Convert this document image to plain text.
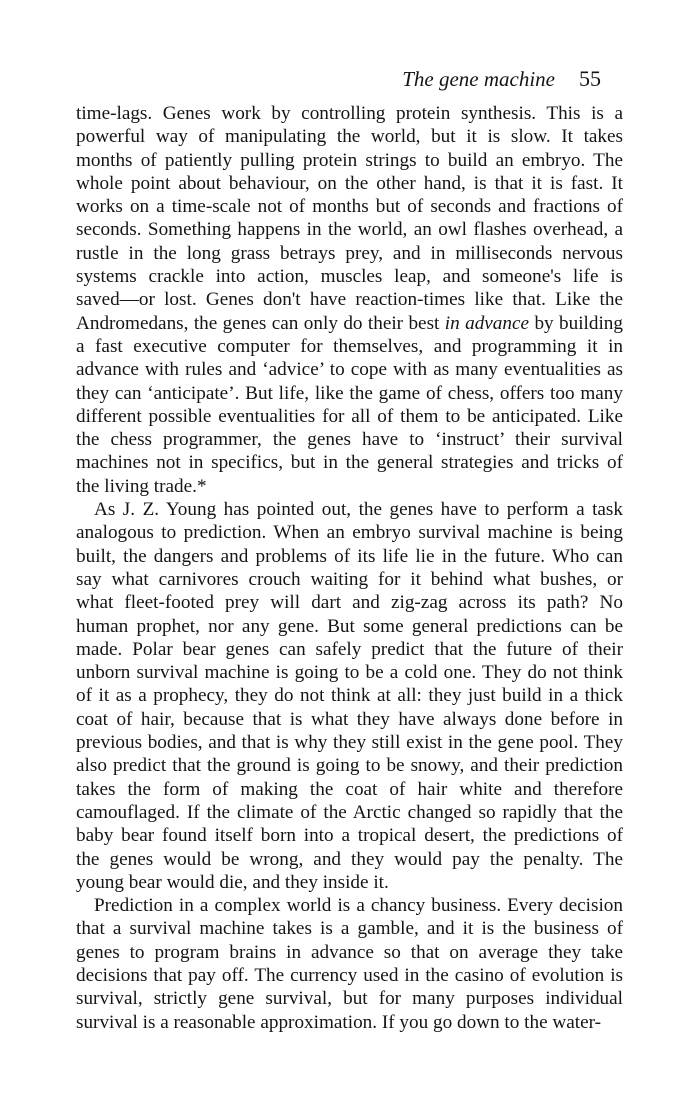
The gene machine 55
time-lags. Genes work by controlling protein synthesis. This is a
powerful way of manipulating the world, but it is slow. It takes
months of patiently pulling protein strings to build an embryo. The
whole point about behaviour, on the other hand, is that it is fast. It
works on a time-scale not of months but of seconds and fractions of
seconds. Something happens in the world, an owl flashes overhead, a
rustle in the long grass betrays prey, and in milliseconds nervous
systems crackle into action, muscles leap, and someone's life is
saved—or lost. Genes don't have reaction-times like that. Like the
Andromedans, the genes can only do their best in advance by building
a fast executive computer for themselves, and programming it in
advance with rules and ‘advice’ to cope with as many eventualities as
they can ‘anticipate’. But life, like the game of chess, offers too many
different possible eventualities for all of them to be anticipated. Like
the chess programmer, the genes have to ‘instruct’ their survival
machines not in specifics, but in the general strategies and tricks of
the living trade.*
As J. Z. Young has pointed out, the genes have to perform a task
analogous to prediction. When an embryo survival machine is being
built, the dangers and problems of its life lie in the future. Who can
say what carnivores crouch waiting for it behind what bushes, or
what fleet-footed prey will dart and zig-zag across its path? No
human prophet, nor any gene. But some general predictions can be
made. Polar bear genes can safely predict that the future of their
unborn survival machine is going to be a cold one. They do not think
of it as a prophecy, they do not think at all: they just build in a thick
coat of hair, because that is what they have always done before in
previous bodies, and that is why they still exist in the gene pool. They
also predict that the ground is going to be snowy, and their prediction
takes the form of making the coat of hair white and therefore
camouflaged. If the climate of the Arctic changed so rapidly that the
baby bear found itself born into a tropical desert, the predictions of
the genes would be wrong, and they would pay the penalty. The
young bear would die, and they inside it.
Prediction in a complex world is a chancy business. Every decision
that a survival machine takes is a gamble, and it is the business of
genes to program brains in advance so that on average they take
decisions that pay off. The currency used in the casino of evolution is
survival, strictly gene survival, but for many purposes individual
survival is a reasonable approximation. If you go down to the water-
